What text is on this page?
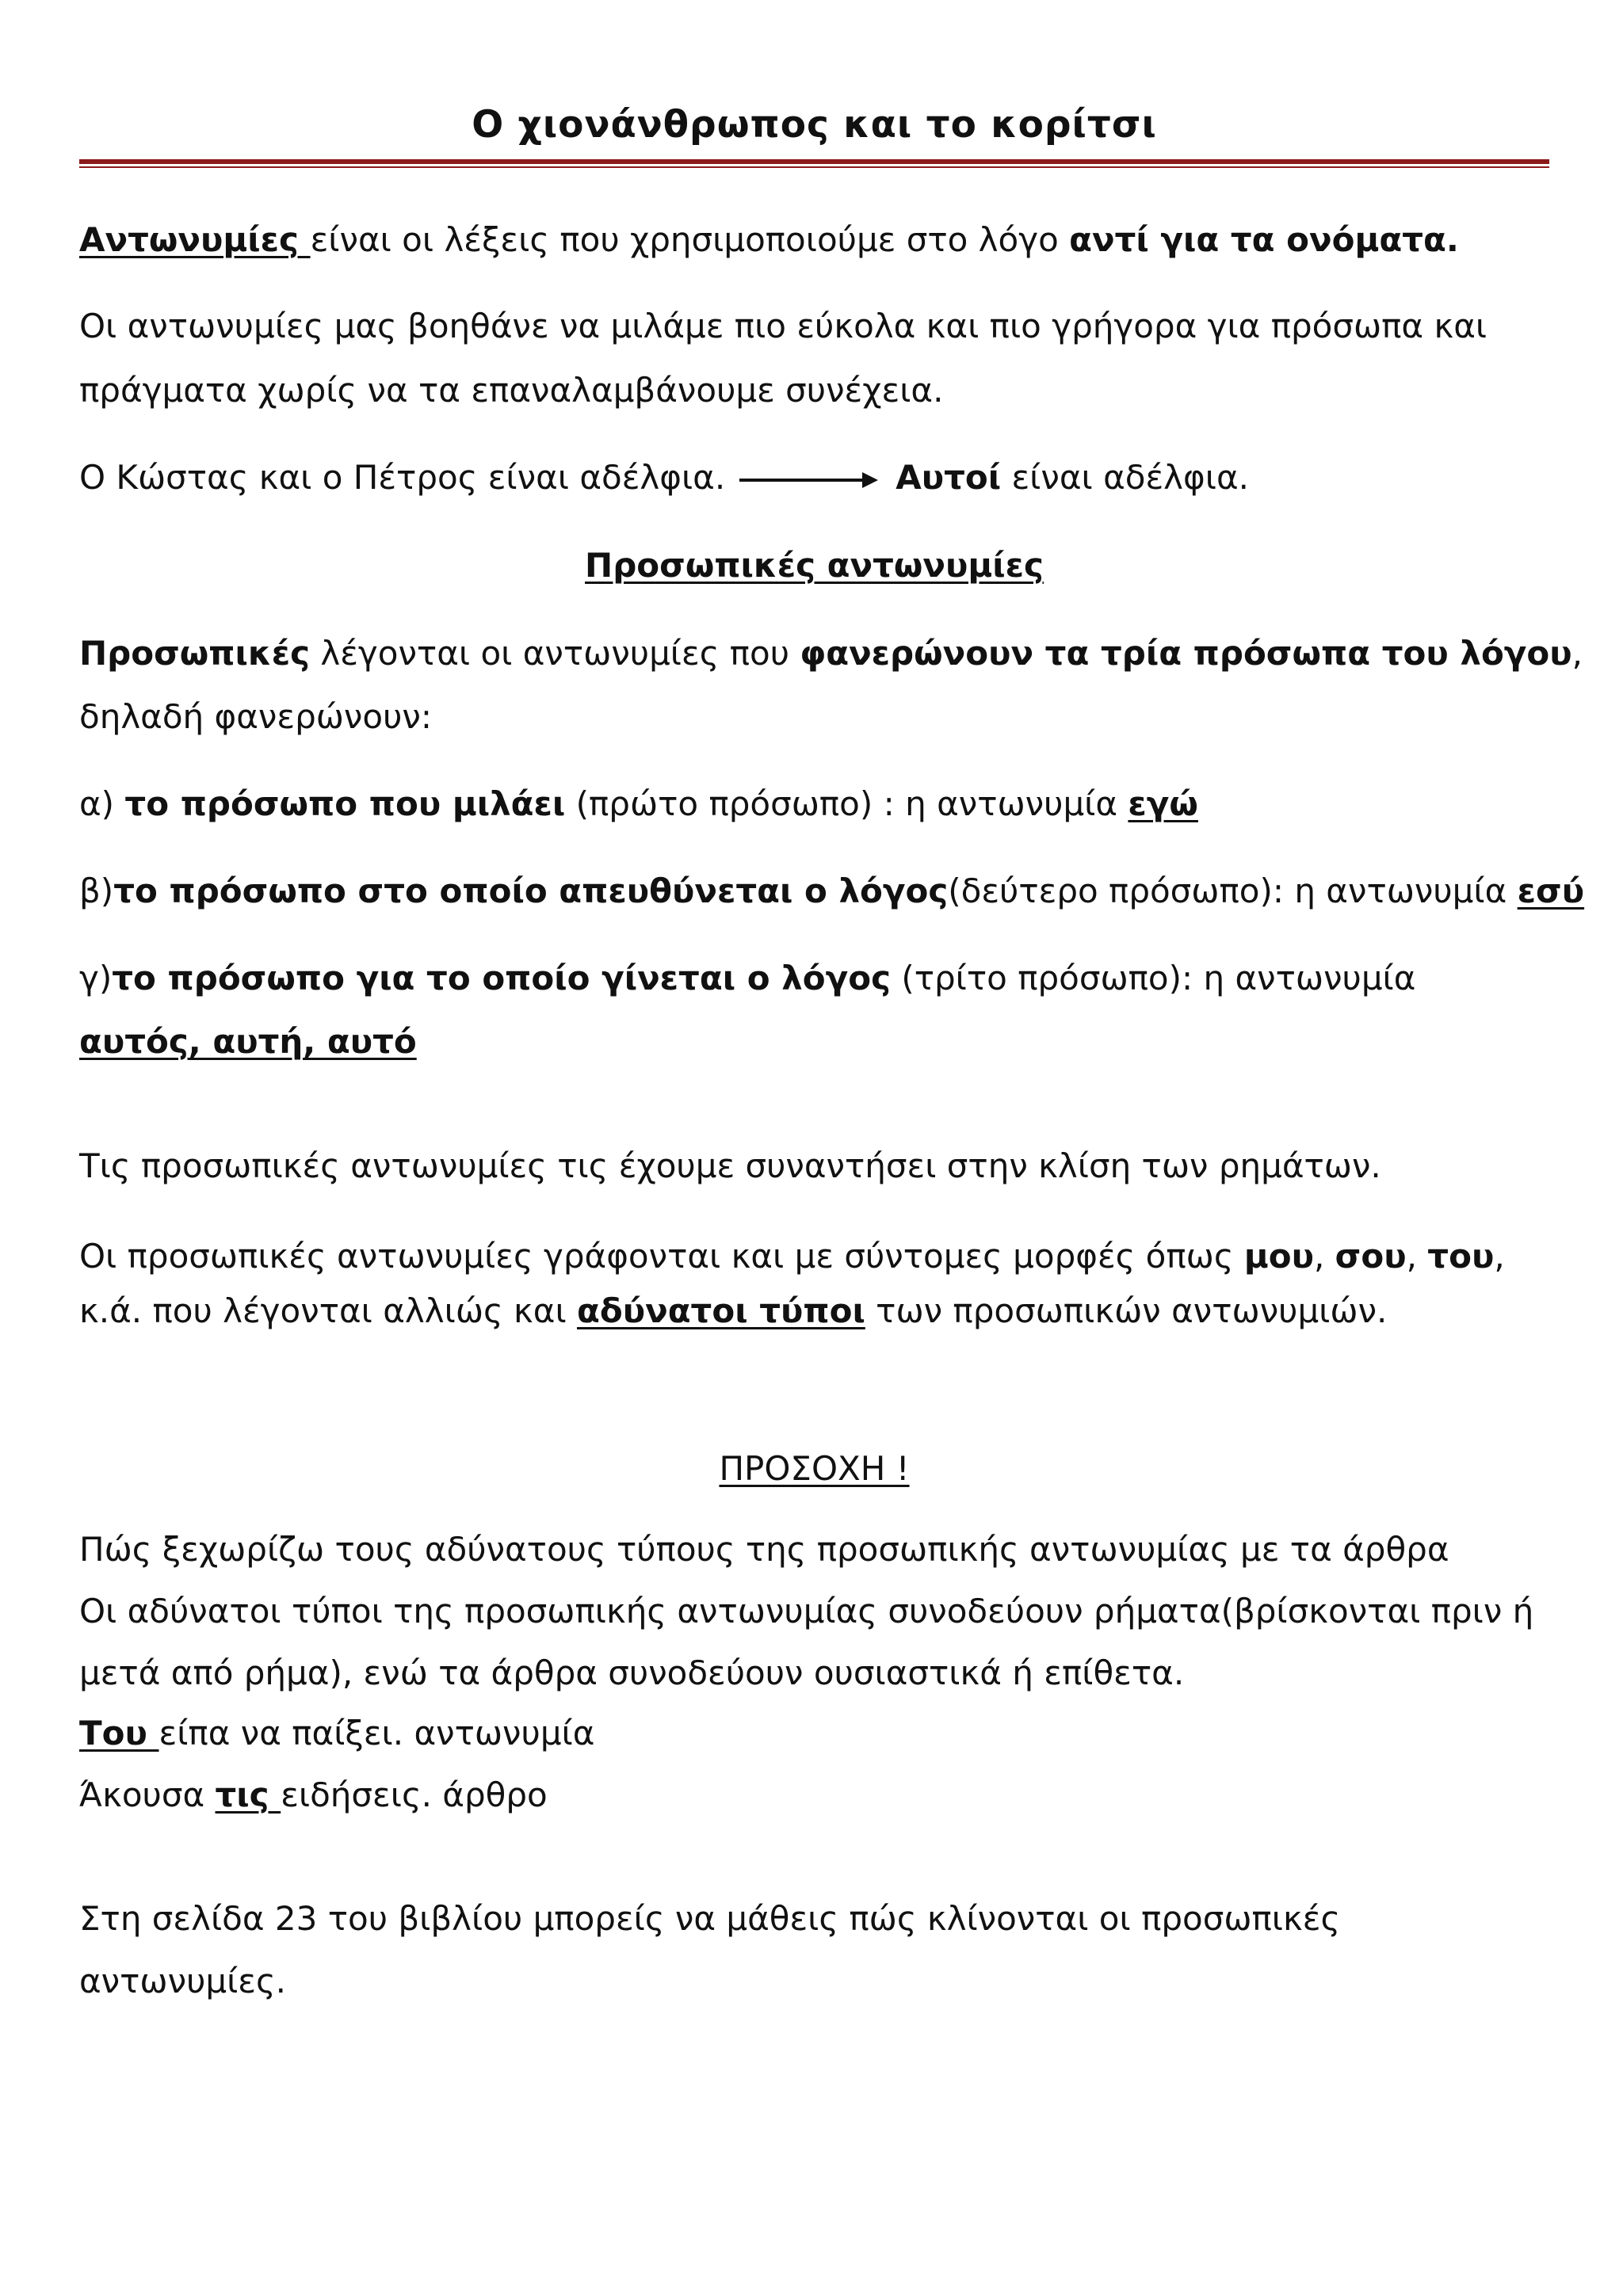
Ο χιονάνθρωπος και το κορίτσι
Αντωνυμίες είναι οι λέξεις που χρησιμοποιούμε στο λόγο αντί για τα ονόματα.
Οι αντωνυμίες μας βοηθάνε να μιλάμε πιο εύκολα και πιο γρήγορα για πρόσωπα και
πράγματα χωρίς να τα επαναλαμβάνουμε συνέχεια.
Ο Κώστας και ο Πέτρος είναι αδέλφια.	Αυτοί είναι αδέλφια.
Προσωπικές αντωνυμίες
Προσωπικές λέγονται οι αντωνυμίες που φανερώνουν τα τρία πρόσωπα του λόγου,
δηλαδή φανερώνουν:
α) το πρόσωπο που μιλάει (πρώτο πρόσωπο) : η αντωνυμία εγώ
β)το πρόσωπο στο οποίο απευθύνεται ο λόγος(δεύτερο πρόσωπο): η αντωνυμία εσύ
γ)το πρόσωπο για το οποίο γίνεται ο λόγος (τρίτο πρόσωπο): η αντωνυμία
αυτός, αυτή, αυτό
Τις προσωπικές αντωνυμίες τις έχουμε συναντήσει στην κλίση των ρημάτων.
Οι προσωπικές αντωνυμίες γράφονται και με σύντομες μορφές όπως μου, σου, του,
κ.ά. που λέγονται αλλιώς και αδύνατοι τύποι των προσωπικών αντωνυμιών.
ΠΡΟΣΟΧΗ !
Πώς ξεχωρίζω τους αδύνατους τύπους της προσωπικής αντωνυμίας με τα άρθρα
Οι αδύνατοι τύποι της προσωπικής αντωνυμίας συνοδεύουν ρήματα(βρίσκονται πριν ή
μετά από ρήμα), ενώ τα άρθρα συνοδεύουν ουσιαστικά ή επίθετα.
Του είπα να παίξει. αντωνυμία
Άκουσα τις ειδήσεις. άρθρο
Στη σελίδα 23 του βιβλίου μπορείς να μάθεις πώς κλίνονται οι προσωπικές
αντωνυμίες.
